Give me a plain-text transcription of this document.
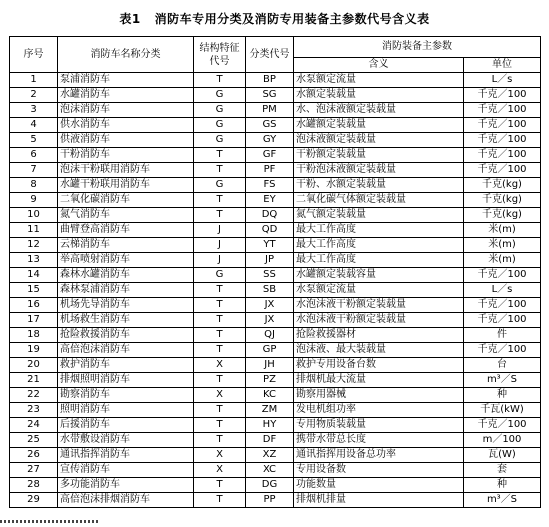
表1 消防车专用分类及消防专用装备主参数代号含义表
序号	消防车名称分类	结构特征代号	分类代号	消防装备主参数	
				含义	单位
1	泵浦消防车	T	BP	水泵额定流量	L／s
2	水罐消防车	G	SG	水额定装载量	千克／100
3	泡沫消防车	G	PM	水、泡沫液额定装载量	千克／100
4	供水消防车	G	GS	水罐额定装载量	千克／100
5	供液消防车	G	GY	泡沫液额定装载量	千克／100
6	干粉消防车	T	GF	干粉额定装载量	千克／100
7	泡沫干粉联用消防车	T	PF	干粉泡沫液额定装载量	千克／100
8	水罐干粉联用消防车	G	FS	干粉、水额定装载量	千克(kg)
9	二氧化碳消防车	T	EY	二氧化碳气体额定装载量	千克(kg)
10	氮气消防车	T	DQ	氮气额定装载量	千克(kg)
11	曲臂登高消防车	J	QD	最大工作高度	米(m)
12	云梯消防车	J	YT	最大工作高度	米(m)
13	举高喷射消防车	J	JP	最大工作高度	米(m)
14	森林水罐消防车	G	SS	水罐额定装载容量	千克／100
15	森林泵浦消防车	T	SB	水泵额定流量	L／s
16	机场先导消防车	T	JX	水泡沫液干粉额定装载量	千克／100
17	机场救生消防车	T	JX	水泡沫液干粉额定装载量	千克／100
18	抢险救援消防车	T	QJ	抢险救援器材	件
19	高倍泡沫消防车	T	GP	泡沫液、最大装载量	千克／100
20	救护消防车	X	JH	救护专用设备台数	台
21	排烟照明消防车	T	PZ	排烟机最大流量	m³／S
22	勘察消防车	X	KC	勘察用器械	种
23	照明消防车	T	ZM	发电机组功率	千瓦(kW)
24	后援消防车	T	HY	专用物质装载量	千克／100
25	水带敷设消防车	T	DF	携带水带总长度	m／100
26	通讯指挥消防车	X	XZ	通讯指挥用设备总功率	瓦(W)
27	宣传消防车	X	XC	专用设备数	套
28	多功能消防车	T	DG	功能数量	种
29	高倍泡沫排烟消防车	T	PP	排烟机排量	m³／S
